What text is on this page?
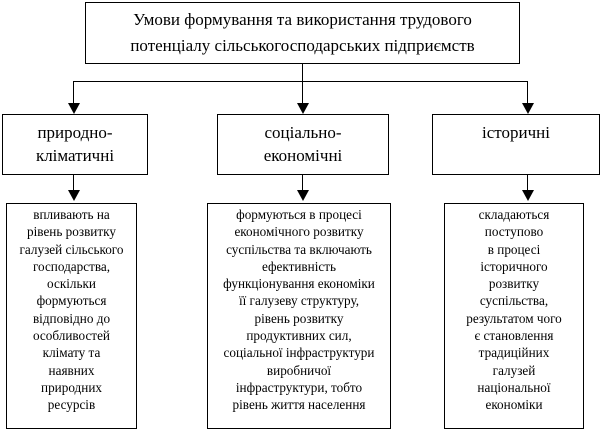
Умови формування та використання трудового
потенціалу сільськогосподарських підприємств
природно-
кліматичні
соціально-
економічні
історичні
впливають на
рівень розвитку
галузей сільського
господарства,
оскільки
формуються
відповідно до
особливостей
клімату та
наявних
природних
ресурсів
формуються в процесі
економічного розвитку
суспільства та включають
ефективність
функціонування економіки
її галузеву структуру,
рівень розвитку
продуктивних сил,
соціальної інфраструктури
виробничої
інфраструктури, тобто
рівень життя населення
складаються
поступово
в процесі
історичного
розвитку
суспільства,
результатом чого
є становлення
традиційних
галузей
національної
економіки
